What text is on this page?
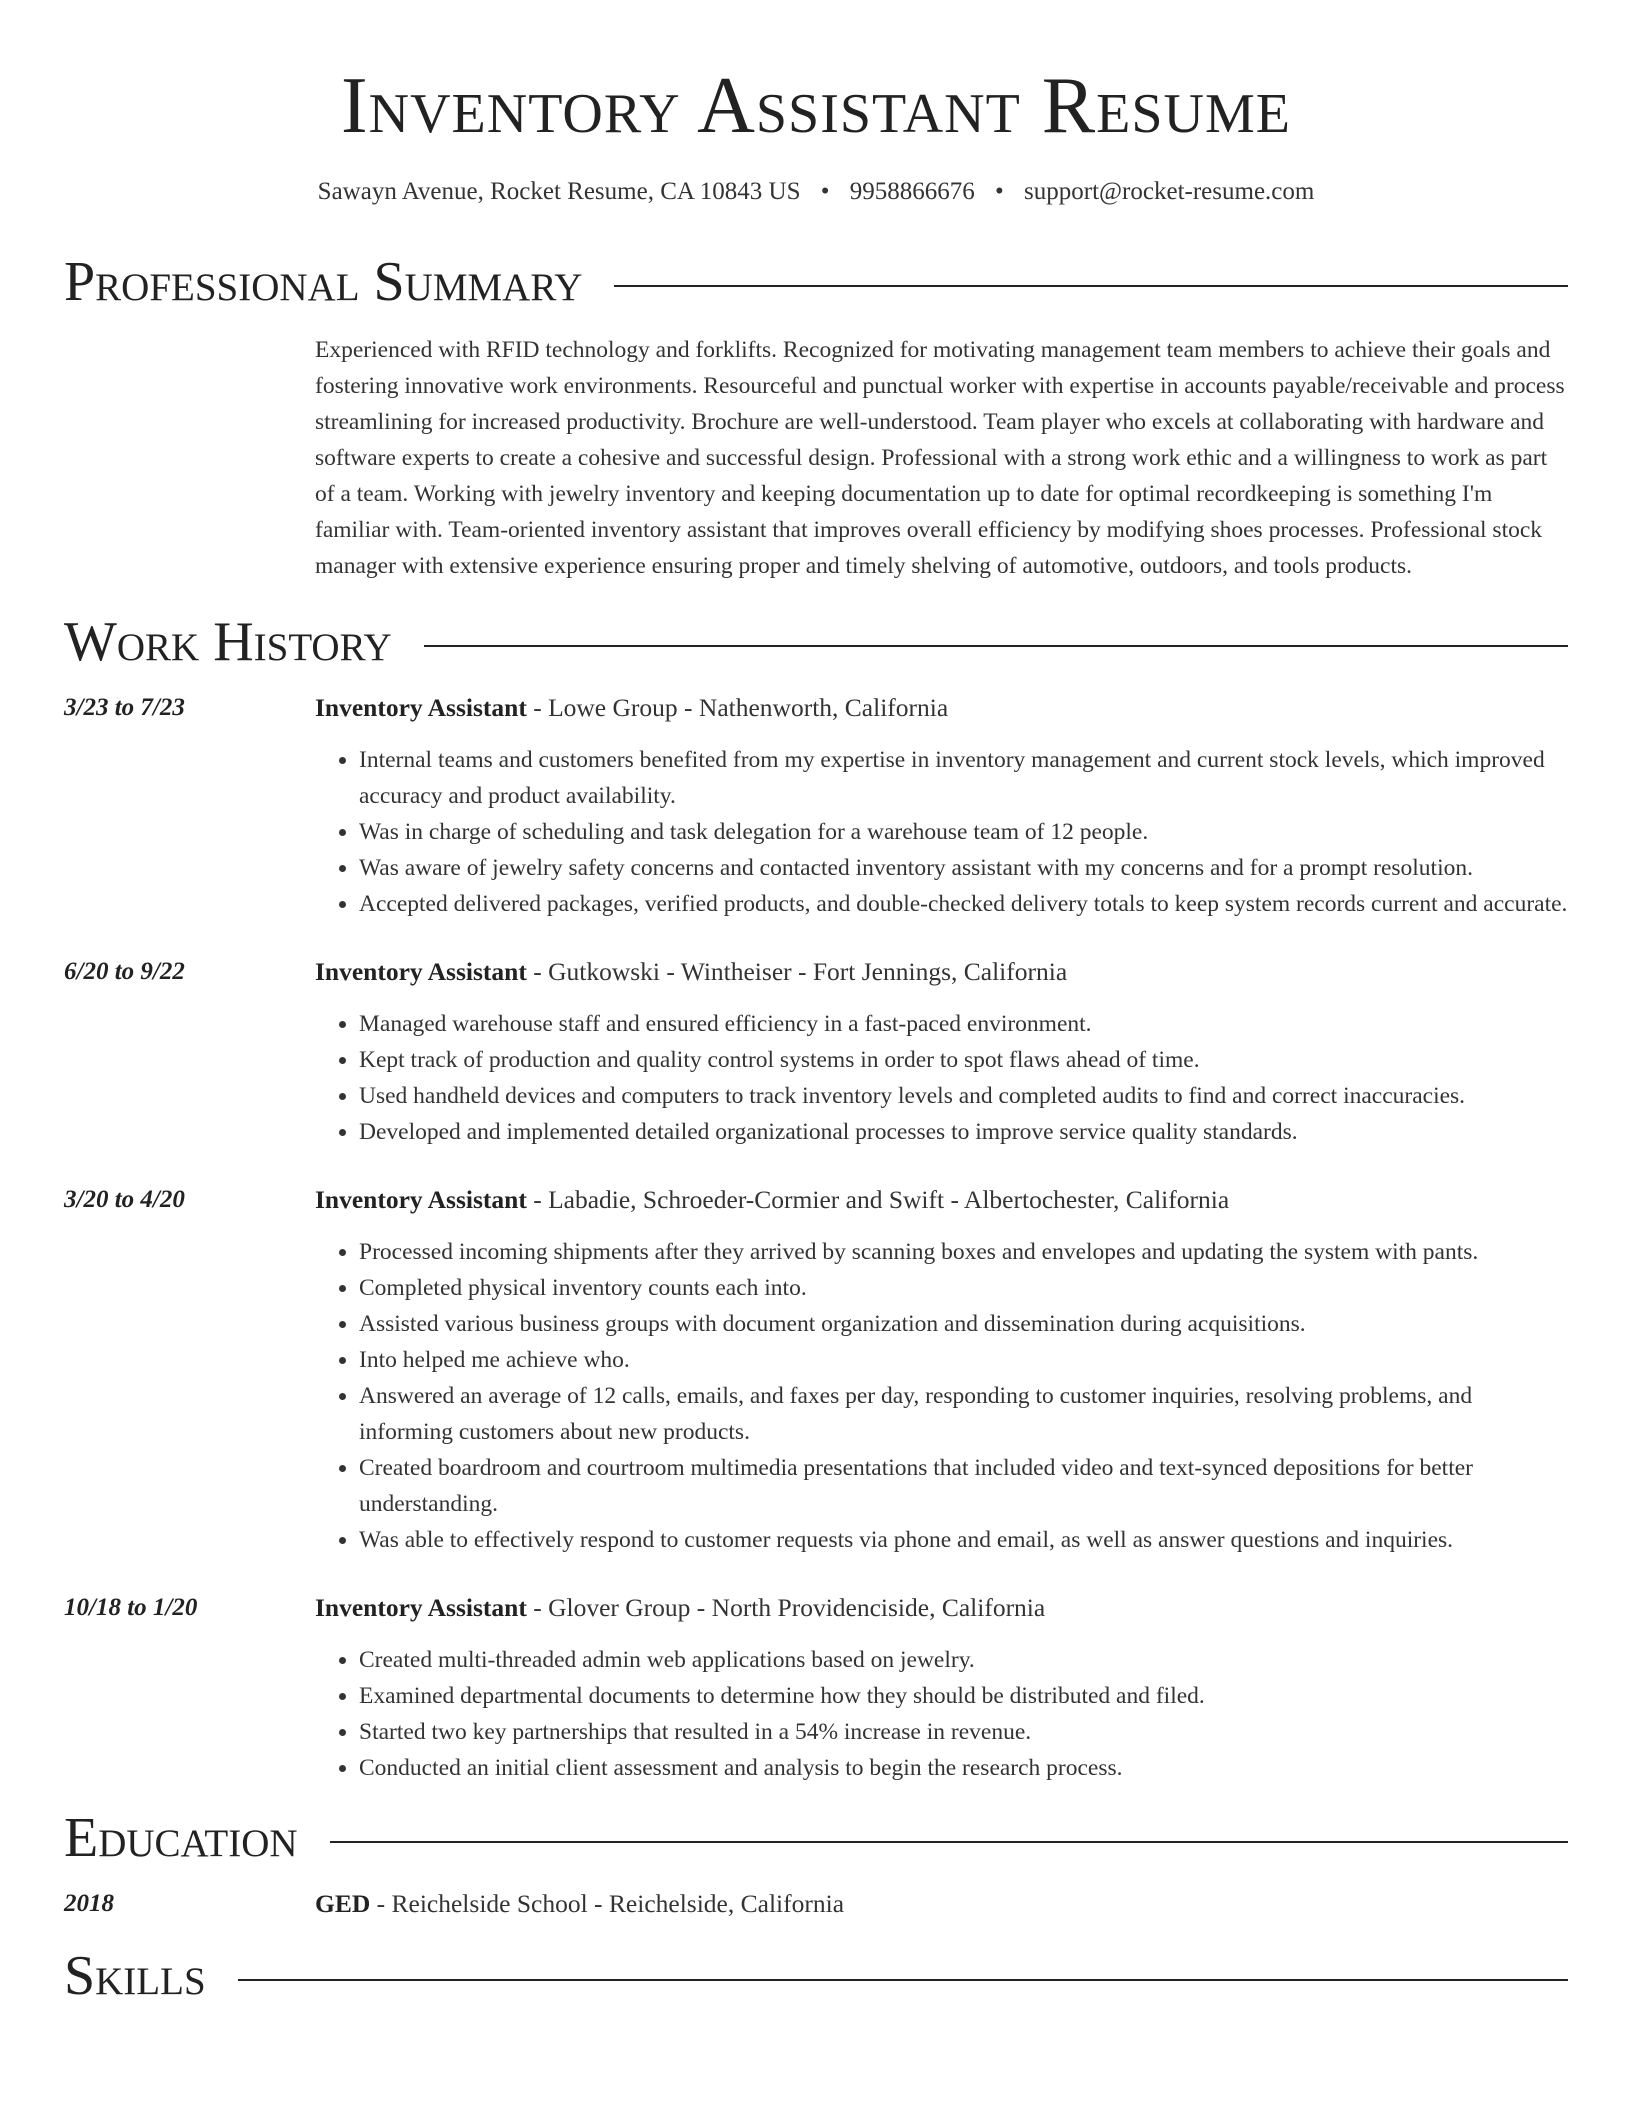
Inventory Assistant Resume
Sawayn Avenue, Rocket Resume, CA 10843 US • 9958866676 • support@rocket-resume.com
Professional Summary
Experienced with RFID technology and forklifts. Recognized for motivating management team members to achieve their goals and fostering innovative work environments. Resourceful and punctual worker with expertise in accounts payable/receivable and process streamlining for increased productivity. Brochure are well-understood. Team player who excels at collaborating with hardware and software experts to create a cohesive and successful design. Professional with a strong work ethic and a willingness to work as part of a team. Working with jewelry inventory and keeping documentation up to date for optimal recordkeeping is something I'm familiar with. Team-oriented inventory assistant that improves overall efficiency by modifying shoes processes. Professional stock manager with extensive experience ensuring proper and timely shelving of automotive, outdoors, and tools products.
Work History
3/23 to 7/23	Inventory Assistant - Lowe Group - Nathenworth, California
• Internal teams and customers benefited from my expertise in inventory management and current stock levels, which improved accuracy and product availability.
• Was in charge of scheduling and task delegation for a warehouse team of 12 people.
• Was aware of jewelry safety concerns and contacted inventory assistant with my concerns and for a prompt resolution.
• Accepted delivered packages, verified products, and double-checked delivery totals to keep system records current and accurate.
6/20 to 9/22	Inventory Assistant - Gutkowski - Wintheiser - Fort Jennings, California
• Managed warehouse staff and ensured efficiency in a fast-paced environment.
• Kept track of production and quality control systems in order to spot flaws ahead of time.
• Used handheld devices and computers to track inventory levels and completed audits to find and correct inaccuracies.
• Developed and implemented detailed organizational processes to improve service quality standards.
3/20 to 4/20	Inventory Assistant - Labadie, Schroeder-Cormier and Swift - Albertochester, California
• Processed incoming shipments after they arrived by scanning boxes and envelopes and updating the system with pants.
• Completed physical inventory counts each into.
• Assisted various business groups with document organization and dissemination during acquisitions.
• Into helped me achieve who.
• Answered an average of 12 calls, emails, and faxes per day, responding to customer inquiries, resolving problems, and informing customers about new products.
• Created boardroom and courtroom multimedia presentations that included video and text-synced depositions for better understanding.
• Was able to effectively respond to customer requests via phone and email, as well as answer questions and inquiries.
10/18 to 1/20	Inventory Assistant - Glover Group - North Providenciside, California
• Created multi-threaded admin web applications based on jewelry.
• Examined departmental documents to determine how they should be distributed and filed.
• Started two key partnerships that resulted in a 54% increase in revenue.
• Conducted an initial client assessment and analysis to begin the research process.
Education
2018	GED - Reichelside School - Reichelside, California
Skills
